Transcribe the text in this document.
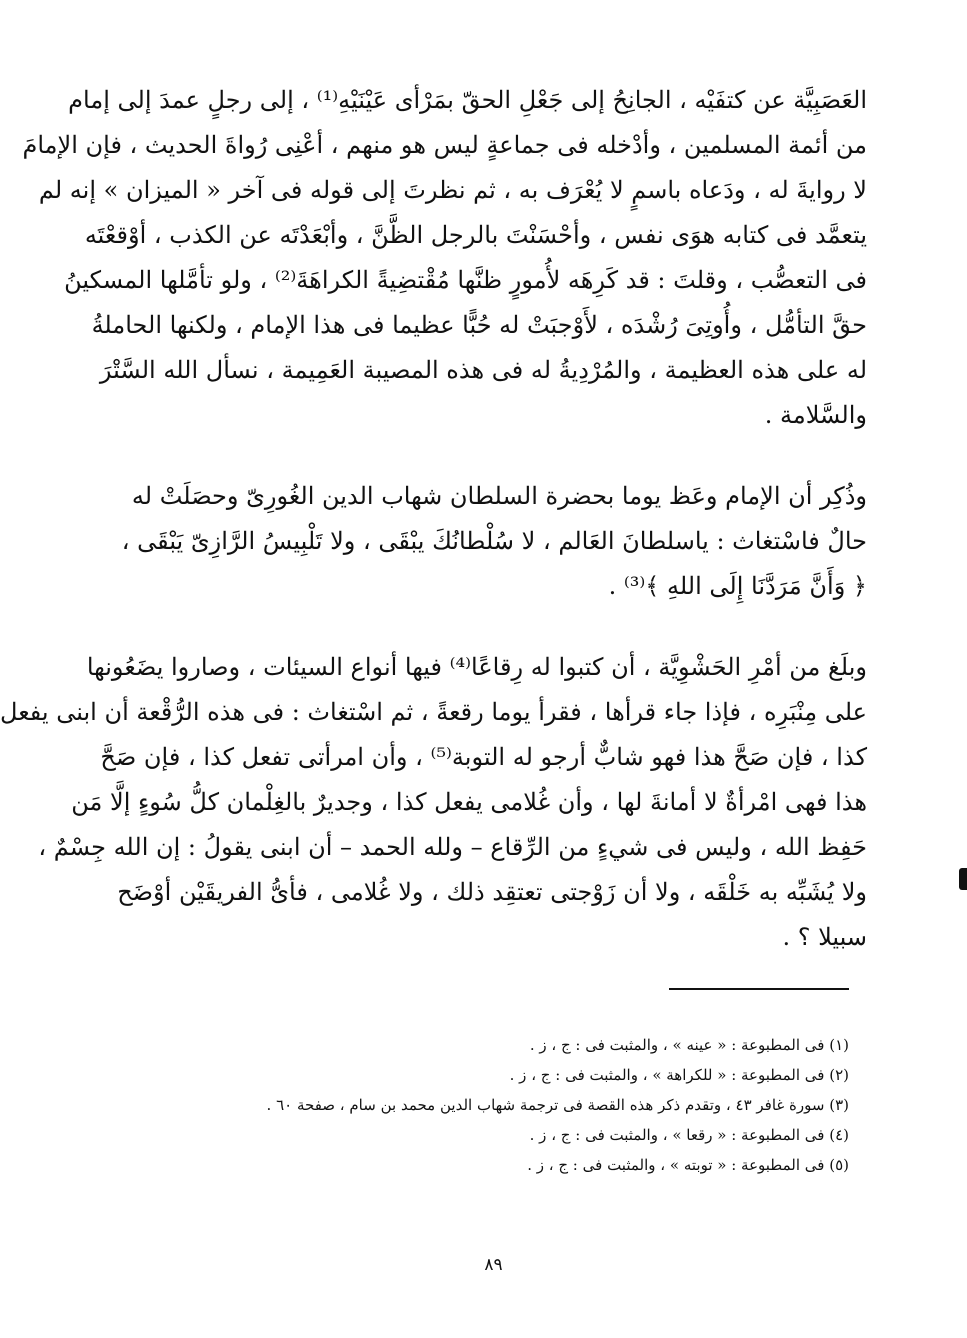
العَصَبِيَّة عن كتفَيْه ، الجانِحُ إلى جَعْلِ الحقّ بمَرْأى عَيْنَيْهِ⁽¹⁾ ، إلى رجلٍ عمدَ إلى إمام
من أئمة المسلمين ، وأدْخله فى جماعةٍ ليس هو منهم ، أعْنِى رُواةَ الحديث ، فإن الإمامَ
لا روايةَ له ، ودَعاه باسمٍ لا يُعْرَف به ، ثم نظرتَ إلى قوله فى آخر « الميزان » إنه لم
يتعمَّد فى كتابه هوَى نفس ، وأحْسَنْتَ بالرجل الظَّنَّ ، وأبْعَدْتَه عن الكذب ، أوْقعْتَه
فى التعصُّب ، وقلتَ : قد كَرِهَه لأُمورٍ ظنَّها مُقْتضِيةً الكراهَةَ⁽²⁾ ، ولو تأمَّلها المسكينُ
حقَّ التأمُّل ، وأُوتِىَ رُشْدَه ، لأَوْجبَتْ له حُبًّا عظيما فى هذا الإمام ، ولكنها الحاملةُ
له على هذه العظيمة ، والمُرْدِيةُ له فى هذه المصيبة العَمِيمة ، نسأل الله السَّتْرَ
والسَّلامة .

وذُكِر أن الإمام وعَظ يوما بحضرة السلطان شهاب الدين الغُورِىّ وحصَلَتْ له
حالٌ فاسْتغاث : ياسلطانَ العَالم ، لا سُلْطانُكَ يبْقَى ، ولا تَلْبِيسُ الرَّازِىّ يَبْقَى ،
﴿ وَأَنَّ مَرَدَّنَا إِلَى اللهِ ﴾⁽³⁾ .

وبلَغ من أمْرِ الحَشْوِيَّة ، أن كتبوا له رِقاعًا⁽⁴⁾ فيها أنواع السيئات ، وصاروا يضَعُونها
على مِنْبَرِه ، فإذا جاء قرأها ، فقرأ يوما رقعةً ، ثم اسْتغاث : فى هذه الرُّقْعة أن ابنى يفعل
كذا ، فإن صَحَّ هذا فهو شابٌّ أرجو له التوبة⁽⁵⁾ ، وأن امرأتى تفعل كذا ، فإن صَحَّ
هذا فهى امْرأةٌ لا أمانةَ لها ، وأن غُلامى يفعل كذا ، وجديرٌ بالغِلْمان كلُّ سُوءٍ إلَّا مَن
حَفِظ الله ، وليس فى شيءٍ من الرِّقاع – ولله الحمد – أن ابنى يقولُ : إن الله جِسْمٌ ،
ولا يُشَبِّه به خَلْقَه ، ولا أن زَوْجتى تعتقِد ذلك ، ولا غُلامى ، فأىُّ الفريقَيْن أوْضَح
سبيلا ؟ .

(١) فى المطبوعة : « عينه » ، والمثبت فى : ج ، ز .
(٢) فى المطبوعة : « للكراهة » ، والمثبت فى : ج ، ز .
(٣) سورة غافر ٤٣ ، وتقدم ذكر هذه القصة فى ترجمة شهاب الدين محمد بن سام ، صفحة ٦٠ .
(٤) فى المطبوعة : « رقعا » ، والمثبت فى : ج ، ز .
(٥) فى المطبوعة : « توبته » ، والمثبت فى : ج ، ز .
٨٩
